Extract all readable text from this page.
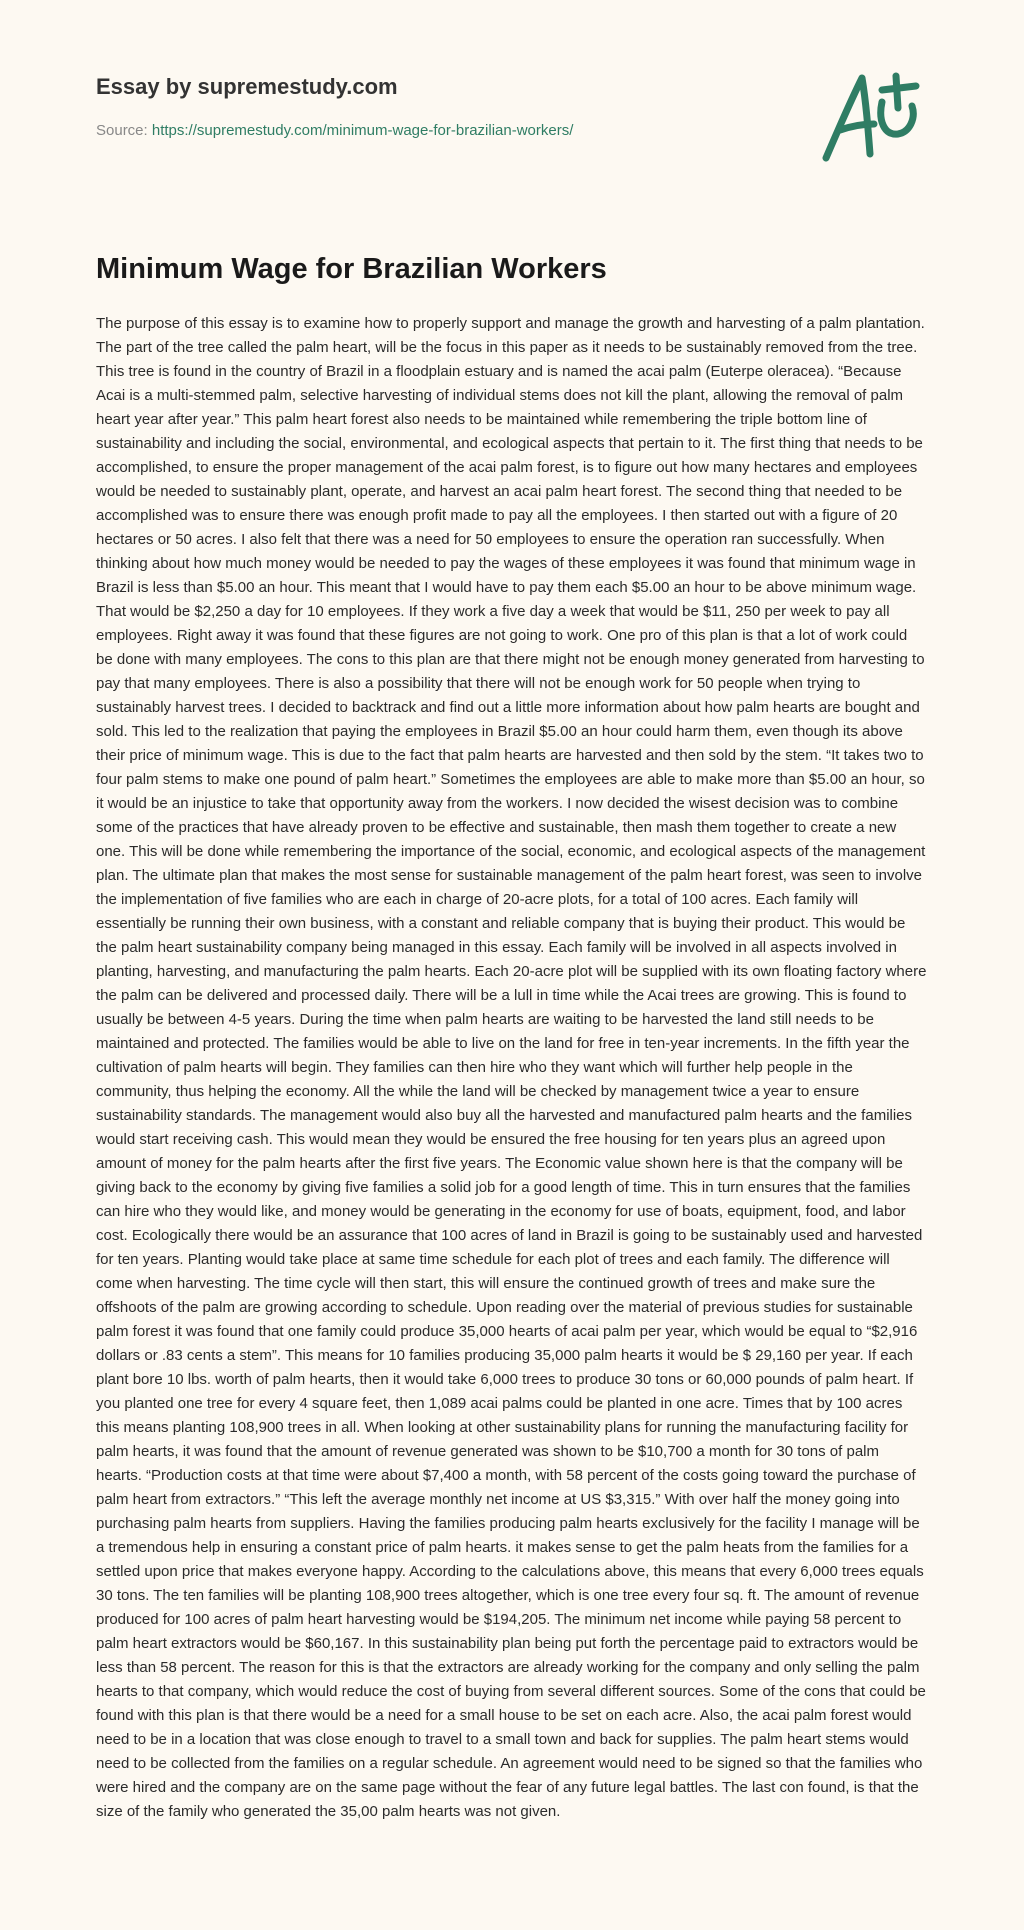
Essay by supremestudy.com
Source: https://supremestudy.com/minimum-wage-for-brazilian-workers/
Minimum Wage for Brazilian Workers

The purpose of this essay is to examine how to properly support and manage the growth and harvesting of a palm plantation. The part of the tree called the palm heart, will be the focus in this paper as it needs to be sustainably removed from the tree. This tree is found in the country of Brazil in a floodplain estuary and is named the acai palm (Euterpe oleracea). “Because Acai is a multi-stemmed palm, selective harvesting of individual stems does not kill the plant, allowing the removal of palm heart year after year.” This palm heart forest also needs to be maintained while remembering the triple bottom line of sustainability and including the social, environmental, and ecological aspects that pertain to it. The first thing that needs to be accomplished, to ensure the proper management of the acai palm forest, is to figure out how many hectares and employees would be needed to sustainably plant, operate, and harvest an acai palm heart forest. The second thing that needed to be accomplished was to ensure there was enough profit made to pay all the employees. I then started out with a figure of 20 hectares or 50 acres. I also felt that there was a need for 50 employees to ensure the operation ran successfully. When thinking about how much money would be needed to pay the wages of these employees it was found that minimum wage in Brazil is less than $5.00 an hour. This meant that I would have to pay them each $5.00 an hour to be above minimum wage. That would be $2,250 a day for 10 employees. If they work a five day a week that would be $11, 250 per week to pay all employees. Right away it was found that these figures are not going to work. One pro of this plan is that a lot of work could be done with many employees. The cons to this plan are that there might not be enough money generated from harvesting to pay that many employees. There is also a possibility that there will not be enough work for 50 people when trying to sustainably harvest trees. I decided to backtrack and find out a little more information about how palm hearts are bought and sold. This led to the realization that paying the employees in Brazil $5.00 an hour could harm them, even though its above their price of minimum wage. This is due to the fact that palm hearts are harvested and then sold by the stem. “It takes two to four palm stems to make one pound of palm heart.” Sometimes the employees are able to make more than $5.00 an hour, so it would be an injustice to take that opportunity away from the workers. I now decided the wisest decision was to combine some of the practices that have already proven to be effective and sustainable, then mash them together to create a new one. This will be done while remembering the importance of the social, economic, and ecological aspects of the management plan. The ultimate plan that makes the most sense for sustainable management of the palm heart forest, was seen to involve the implementation of five families who are each in charge of 20-acre plots, for a total of 100 acres. Each family will essentially be running their own business, with a constant and reliable company that is buying their product. This would be the palm heart sustainability company being managed in this essay. Each family will be involved in all aspects involved in planting, harvesting, and manufacturing the palm hearts. Each 20-acre plot will be supplied with its own floating factory where the palm can be delivered and processed daily. There will be a lull in time while the Acai trees are growing. This is found to usually be between 4-5 years. During the time when palm hearts are waiting to be harvested the land still needs to be maintained and protected. The families would be able to live on the land for free in ten-year increments. In the fifth year the cultivation of palm hearts will begin. They families can then hire who they want which will further help people in the community, thus helping the economy. All the while the land will be checked by management twice a year to ensure sustainability standards. The management would also buy all the harvested and manufactured palm hearts and the families would start receiving cash. This would mean they would be ensured the free housing for ten years plus an agreed upon amount of money for the palm hearts after the first five years. The Economic value shown here is that the company will be giving back to the economy by giving five families a solid job for a good length of time. This in turn ensures that the families can hire who they would like, and money would be generating in the economy for use of boats, equipment, food, and labor cost. Ecologically there would be an assurance that 100 acres of land in Brazil is going to be sustainably used and harvested for ten years. Planting would take place at same time schedule for each plot of trees and each family. The difference will come when harvesting. The time cycle will then start, this will ensure the continued growth of trees and make sure the offshoots of the palm are growing according to schedule. Upon reading over the material of previous studies for sustainable palm forest it was found that one family could produce 35,000 hearts of acai palm per year, which would be equal to “$2,916 dollars or .83 cents a stem”. This means for 10 families producing 35,000 palm hearts it would be $ 29,160 per year. If each plant bore 10 lbs. worth of palm hearts, then it would take 6,000 trees to produce 30 tons or 60,000 pounds of palm heart. If you planted one tree for every 4 square feet, then 1,089 acai palms could be planted in one acre. Times that by 100 acres this means planting 108,900 trees in all. When looking at other sustainability plans for running the manufacturing facility for palm hearts, it was found that the amount of revenue generated was shown to be $10,700 a month for 30 tons of palm hearts. “Production costs at that time were about $7,400 a month, with 58 percent of the costs going toward the purchase of palm heart from extractors.” “This left the average monthly net income at US $3,315.” With over half the money going into purchasing palm hearts from suppliers. Having the families producing palm hearts exclusively for the facility I manage will be a tremendous help in ensuring a constant price of palm hearts. it makes sense to get the palm heats from the families for a settled upon price that makes everyone happy. According to the calculations above, this means that every 6,000 trees equals 30 tons. The ten families will be planting 108,900 trees altogether, which is one tree every four sq. ft. The amount of revenue produced for 100 acres of palm heart harvesting would be $194,205. The minimum net income while paying 58 percent to palm heart extractors would be $60,167. In this sustainability plan being put forth the percentage paid to extractors would be less than 58 percent. The reason for this is that the extractors are already working for the company and only selling the palm hearts to that company, which would reduce the cost of buying from several different sources. Some of the cons that could be found with this plan is that there would be a need for a small house to be set on each acre. Also, the acai palm forest would need to be in a location that was close enough to travel to a small town and back for supplies. The palm heart stems would need to be collected from the families on a regular schedule. An agreement would need to be signed so that the families who were hired and the company are on the same page without the fear of any future legal battles. The last con found, is that the size of the family who generated the 35,00 palm hearts was not given.
